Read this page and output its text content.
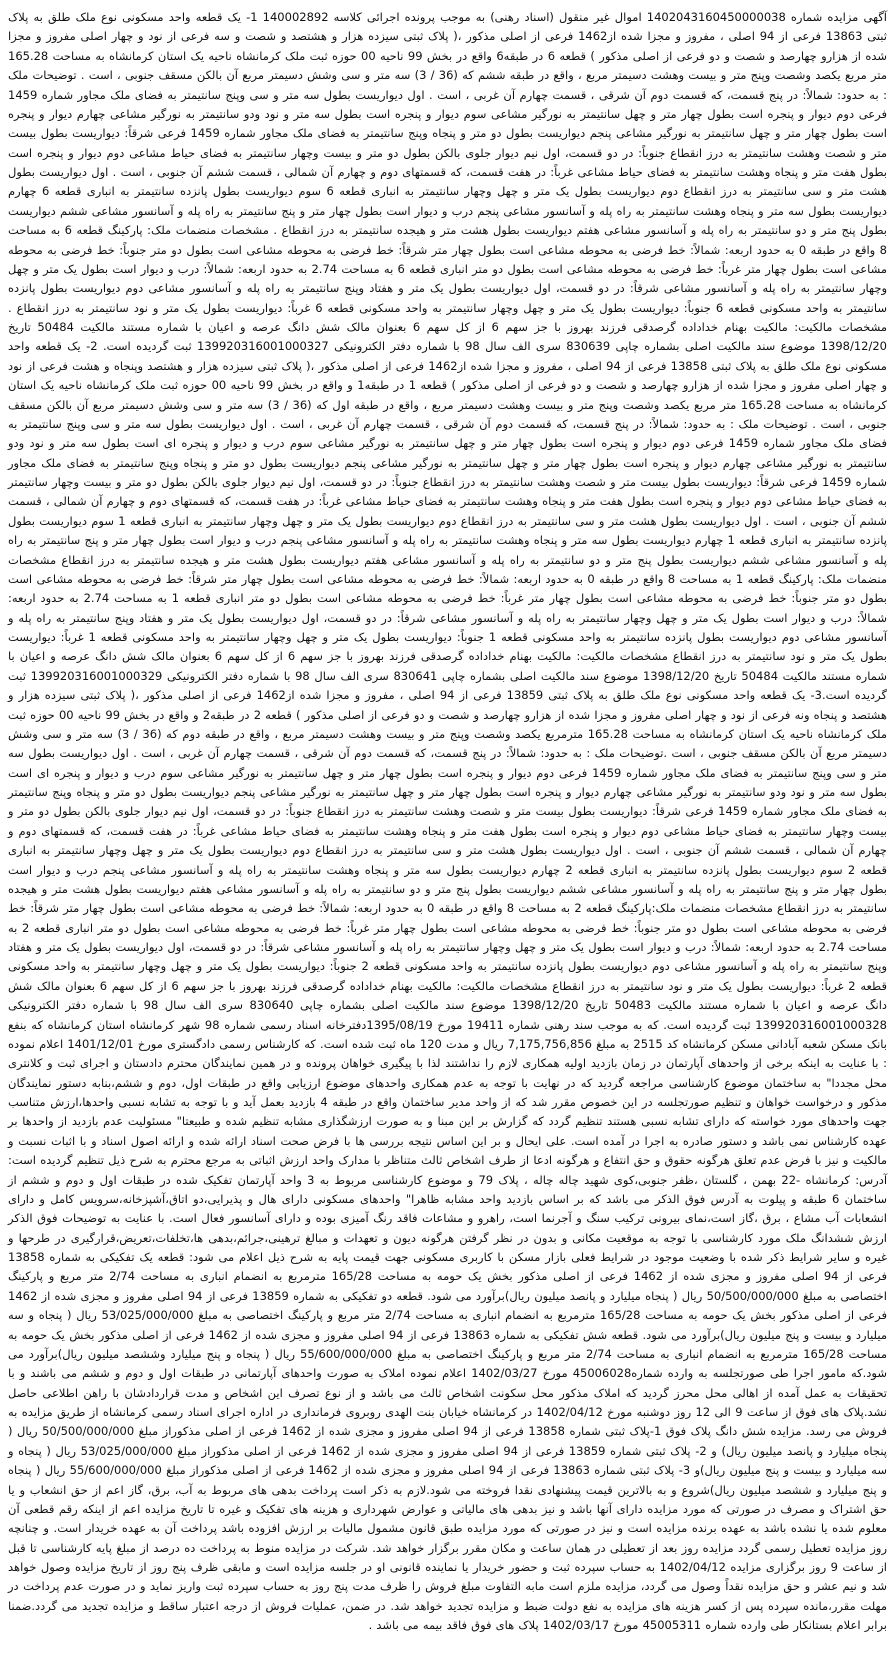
آگهی مزایده شماره 1402043160450000038 اموال غیر منقول (اسناد رهنی) به موجب پرونده اجرائی کلاسه 140002892 1- یک قطعه واحد مسکونی نوع ملک طلق به پلاک ثبتی 13863 فرعی از 94 اصلی ، مفروز و مجزا شده از1462 فرعی از اصلی مذکور ،( پلاک ثبتی سیزده هزار و هشتصد و شصت و سه فرعی از نود و چهار اصلی مفروز و مجزا شده از هزارو چهارصد و شصت و دو فرعی از اصلی مذکور ) قطعه 6 در طبقه6 واقع در بخش 99 ناحیه 00 حوزه ثبت ملک کرمانشاه ناحیه یک استان کرمانشاه به مساحت 165.28 متر مربع یکصد وشصت وپنج متر و بیست وهشت دسیمتر مربع ، واقع در طبقه ششم که (36 / 3) سه متر و سی وشش دسیمتر مربع آن بالکن مسقف جنوبی ، است . توضیحات ملک : به حدود: شمالاً: در پنج قسمت، که قسمت دوم آن شرقی ، قسمت چهارم آن غربی ، است . اول دیواریست بطول سه متر و سی وپنج سانتیمتر به فضای ملک مجاور شماره 1459 فرعی دوم دیوار و پنجره است بطول چهار متر و چهل سانتیمتر به نورگیر مشاعی سوم دیوار و پنجره است بطول سه متر و نود ودو سانتیمتر به نورگیر مشاعی چهارم دیوار و پنجره است بطول چهار متر و چهل سانتیمتر به نورگیر مشاعی پنجم دیواریست بطول دو متر و پنجاه وپنج سانتیمتر به فضای ملک مجاور شماره 1459 فرعی شرقاً: دیواریست بطول بیست متر و شصت وهشت سانتیمتر به درز انقطاع جنوباً: در دو قسمت، اول نیم دیوار جلوی بالکن بطول دو متر و بیست وچهار سانتیمتر به فضای حیاط مشاعی دوم دیوار و پنجره است بطول هفت متر و پنجاه وهشت سانتیمتر به فضای حیاط مشاعی غرباً: در هفت قسمت، که قسمتهای دوم و چهارم آن شمالی ، قسمت ششم آن جنوبی ، است . اول دیواریست بطول هشت متر و سی سانتیمتر به درز انقطاع دوم دیواریست بطول یک متر و چهل وچهار سانتیمتر به انباری قطعه 6 سوم دیواریست بطول پانزده سانتیمتر به انباری قطعه 6 چهارم دیواریست بطول سه متر و پنجاه وهشت سانتیمتر به راه پله و آسانسور مشاعی پنجم درب و دیوار است بطول چهار متر و پنج سانتیمتر به راه پله و آسانسور مشاعی ششم دیواریست بطول پنج متر و دو سانتیمتر به راه پله و آسانسور مشاعی هفتم دیواریست بطول هشت متر و هیجده سانتیمتر به درز انقطاع . مشخصات منضمات ملک: پارکینگ قطعه 6 به مساحت 8 واقع در طبقه 0 به حدود اربعه: شمالاً: خط فرضی به محوطه مشاعی است بطول چهار متر شرقاً: خط فرضی به محوطه مشاعی است بطول دو متر جنوباً: خط فرضی به محوطه مشاعی است بطول چهار متر غرباً: خط فرضی به محوطه مشاعی است بطول دو متر انباری قطعه 6 به مساحت 2.74 به حدود اربعه: شمالاً: درب و دیوار است بطول یک متر و چهل وچهار سانتیمتر به راه پله و آسانسور مشاعی شرقاً: در دو قسمت، اول دیواریست بطول یک متر و هفتاد وپنج سانتیمتر به راه پله و آسانسور مشاعی دوم دیواریست بطول پانزده سانتیمتر به واحد مسکونی قطعه 6 جنوباً: دیواریست بطول یک متر و چهل وچهار سانتیمتر به واحد مسکونی قطعه 6 غرباً: دیواریست بطول یک متر و نود سانتیمتر به درز انقطاع . مشخصات مالکیت: مالکیت بهنام خداداده گرصدقی فرزند بهروز با جز سهم 6 از کل سهم 6 بعنوان مالک شش دانگ عرصه و اعیان با شماره مستند مالکیت 50484 تاریخ 1398/12/20 موضوع سند مالکیت اصلی بشماره چاپی 830639 سری الف سال 98 با شماره دفتر الکترونیکی 139920316001000327 ثبت گردیده است. 2- یک قطعه واحد مسکونی نوع ملک طلق به پلاک ثبتی 13858 فرعی از 94 اصلی ، مفروز و مجزا شده از1462 فرعی از اصلی مذکور ،( پلاک ثبتی سیزده هزار و هشتصد وپنجاه و هشت فرعی از نود و چهار اصلی مفروز و مجزا شده از هزارو چهارصد و شصت و دو فرعی از اصلی مذکور ) قطعه 1 در طبقه1 و واقع در بخش 99 ناحیه 00 حوزه ثبت ملک کرمانشاه ناحیه یک استان کرمانشاه به مساحت 165.28 متر مربع یکصد وشصت وپنج متر و بیست وهشت دسیمتر مربع ، واقع در طبقه اول که (36 / 3) سه متر و سی وشش دسیمتر مربع آن بالکن مسقف جنوبی ، است . توضیحات ملک : به حدود: شمالاً: در پنج قسمت، که قسمت دوم آن شرقی ، قسمت چهارم آن غربی ، است . اول دیواریست بطول سه متر و سی وپنج سانتیمتر به فضای ملک مجاور شماره 1459 فرعی دوم دیوار و پنجره است بطول چهار متر و چهل سانتیمتر به نورگیر مشاعی سوم درب و دیوار و پنجره ای است بطول سه متر و نود ودو سانتیمتر به نورگیر مشاعی چهارم دیوار و پنجره است بطول چهار متر و چهل سانتیمتر به نورگیر مشاعی پنجم دیواریست بطول دو متر و پنجاه وپنج سانتیمتر به فضای ملک مجاور شماره 1459 فرعی شرقاً: دیواریست بطول بیست متر و شصت وهشت سانتیمتر به درز انقطاع جنوباً: در دو قسمت، اول نیم دیوار جلوی بالکن بطول دو متر و بیست وچهار سانتیمتر به فضای حیاط مشاعی دوم دیوار و پنجره است بطول هفت متر و پنجاه وهشت سانتیمتر به فضای حیاط مشاعی غرباً: در هفت قسمت، که قسمتهای دوم و چهارم آن شمالی ، قسمت ششم آن جنوبی ، است . اول دیواریست بطول هشت متر و سی سانتیمتر به درز انقطاع دوم دیواریست بطول یک متر و چهل وچهار سانتیمتر به انباری قطعه 1 سوم دیواریست بطول پانزده سانتیمتر به انباری قطعه 1 چهارم دیواریست بطول سه متر و پنجاه وهشت سانتیمتر به راه پله و آسانسور مشاعی پنجم درب و دیوار است بطول چهار متر و پنج سانتیمتر به راه پله و آسانسور مشاعی ششم دیواریست بطول پنج متر و دو سانتیمتر به راه پله و آسانسور مشاعی هفتم دیواریست بطول هشت متر و هیجده سانتیمتر به درز انقطاع مشخصات منضمات ملک: پارکینگ قطعه 1 به مساحت 8 واقع در طبقه 0 به حدود اربعه: شمالاً: خط فرضی به محوطه مشاعی است بطول چهار متر شرقاً: خط فرضی به محوطه مشاعی است بطول دو متر جنوباً: خط فرضی به محوطه مشاعی است بطول چهار متر غرباً: خط فرضی به محوطه مشاعی است بطول دو متر انباری قطعه 1 به مساحت 2.74 به حدود اربعه: شمالاً: درب و دیوار است بطول یک متر و چهل وچهار سانتیمتر به راه پله و آسانسور مشاعی شرقاً: در دو قسمت، اول دیواریست بطول یک متر و هفتاد وپنج سانتیمتر به راه پله و آسانسور مشاعی دوم دیواریست بطول پانزده سانتیمتر به واحد مسکونی قطعه 1 جنوباً: دیواریست بطول یک متر و چهل وچهار سانتیمتر به واحد مسکونی قطعه 1 غرباً: دیواریست بطول یک متر و نود سانتیمتر به درز انقطاع مشخصات مالکیت: مالکیت بهنام خداداده گرصدقی فرزند بهروز با جز سهم 6 از کل سهم 6 بعنوان مالک شش دانگ عرصه و اعیان با شماره مستند مالکیت 50484 تاریخ 1398/12/20 موضوع سند مالکیت اصلی بشماره چاپی 830641 سری الف سال 98 با شماره دفتر الکترونیکی 139920316001000329 ثبت گردیده است.3- یک قطعه واحد مسکونی نوع ملک طلق به پلاک ثبتی 13859 فرعی از 94 اصلی ، مفروز و مجزا شده از1462 فرعی از اصلی مذکور ،( پلاک ثبتی سیزده هزار و هشتصد و پنجاه ونه فرعی از نود و چهار اصلی مفروز و مجزا شده از هزارو چهارصد و شصت و دو فرعی از اصلی مذکور ) قطعه 2 در طبقه2 و واقع در بخش 99 ناحیه 00 حوزه ثبت ملک کرمانشاه ناحیه یک استان کرمانشاه به مساحت 165.28 مترمربع یکصد وشصت وپنج متر و بیست وهشت دسیمتر مربع ، واقع در طبقه دوم که (36 / 3) سه متر و سی وشش دسیمتر مربع آن بالکن مسقف جنوبی ، است .توضیحات ملک : به حدود: شمالاً: در پنج قسمت، که قسمت دوم آن شرقی ، قسمت چهارم آن غربی ، است . اول دیواریست بطول سه متر و سی وپنج سانتیمتر به فضای ملک مجاور شماره 1459 فرعی دوم دیوار و پنجره است بطول چهار متر و چهل سانتیمتر به نورگیر مشاعی سوم درب و دیوار و پنجره ای است بطول سه متر و نود ودو سانتیمتر به نورگیر مشاعی چهارم دیوار و پنجره است بطول چهار متر و چهل سانتیمتر به نورگیر مشاعی پنجم دیواریست بطول دو متر و پنجاه وپنج سانتیمتر به فضای ملک مجاور شماره 1459 فرعی شرقاً: دیواریست بطول بیست متر و شصت وهشت سانتیمتر به درز انقطاع جنوباً: در دو قسمت، اول نیم دیوار جلوی بالکن بطول دو متر و بیست وچهار سانتیمتر به فضای حیاط مشاعی دوم دیوار و پنجره است بطول هفت متر و پنجاه وهشت سانتیمتر به فضای حیاط مشاعی غرباً: در هفت قسمت، که قسمتهای دوم و چهارم آن شمالی ، قسمت ششم آن جنوبی ، است . اول دیواریست بطول هشت متر و سی سانتیمتر به درز انقطاع دوم دیواریست بطول یک متر و چهل وچهار سانتیمتر به انباری قطعه 2 سوم دیواریست بطول پانزده سانتیمتر به انباری قطعه 2 چهارم دیواریست بطول سه متر و پنجاه وهشت سانتیمتر به راه پله و آسانسور مشاعی پنجم درب و دیوار است بطول چهار متر و پنج سانتیمتر به راه پله و آسانسور مشاعی ششم دیواریست بطول پنج متر و دو سانتیمتر به راه پله و آسانسور مشاعی هفتم دیواریست بطول هشت متر و هیجده سانتیمتر به درز انقطاع مشخصات منضمات ملک:پارکینگ قطعه 2 به مساحت 8 واقع در طبقه 0 به حدود اربعه: شمالاً: خط فرضی به محوطه مشاعی است بطول چهار متر شرقاً: خط فرضی به محوطه مشاعی است بطول دو متر جنوباً: خط فرضی به محوطه مشاعی است بطول چهار متر غرباً: خط فرضی به محوطه مشاعی است بطول دو متر انباری قطعه 2 به مساحت 2.74 به حدود اربعه: شمالاً: درب و دیوار است بطول یک متر و چهل وچهار سانتیمتر به راه پله و آسانسور مشاعی شرقاً: در دو قسمت، اول دیواریست بطول یک متر و هفتاد وپنج سانتیمتر به راه پله و آسانسور مشاعی دوم دیواریست بطول پانزده سانتیمتر به واحد مسکونی قطعه 2 جنوباً: دیواریست بطول یک متر و چهل وچهار سانتیمتر به واحد مسکونی قطعه 2 غرباً: دیواریست بطول یک متر و نود سانتیمتر به درز انقطاع مشخصات مالکیت: مالکیت بهنام خداداده گرصدقی فرزند بهروز با جز سهم 6 از کل سهم 6 بعنوان مالک شش دانگ عرصه و اعیان با شماره مستند مالکیت 50483 تاریخ 1398/12/20 موضوع سند مالکیت اصلی بشماره چاپی 830640 سری الف سال 98 با شماره دفتر الکترونیکی 139920316001000328 ثبت گردیده است. که به موجب سند رهنی شماره 19411 مورخ 1395/08/19دفترخانه اسناد رسمی شماره 98 شهر کرمانشاه استان کرمانشاه که بنفع بانک مسکن شعبه آبادانی مسکن کرمانشاه کد 2515 به مبلغ 7,175,756,856 ریال و مدت 120 ماه ثبت شده است. که کارشناس رسمی دادگستری مورخ 1401/12/01 اعلام نموده : با عنایت به اینکه برخی از واحدهای آپارتمان در زمان بازدید اولیه همکاری لازم را نداشتند لذا با پیگیری خواهان پرونده و در همین نمایندگان محترم دادستان و اجرای ثبت و کلانتری محل مجددا" به ساختمان موضوع کارشناسی مراجعه گردید که در نهایت با توجه به عدم همکاری واحدهای موضوع ارزیابی واقع در طبقات اول، دوم و ششم،بنابه دستور نمایندگان مذکور و درخواست خواهان و تنظیم صورتجلسه در این خصوص مقرر شد که از واحد مدیر ساختمان واقع در طبقه 4 بازدید بعمل آید و با توجه به تشابه نسبی واحدها،ارزش متناسب جهت واحدهای مورد خواسته که دارای تشابه نسبی هستند تنظیم گردد که گزارش بر این مبنا و به صورت ارزشگذاری مشابه تنظیم شده و طبیعتا" مسئولیت عدم بازدید از واحدها بر عهده کارشناس نمی باشد و دستور صادره به اجرا در آمده است. علی ایحال و بر این اساس نتیجه بررسی ها با فرض صحت اسناد ارائه شده و ارائه اصول اسناد و با اثبات نسبت و مالکیت و نیز با فرض عدم تعلق هرگونه حقوق و حق انتفاع و هرگونه ادعا از طرف اشخاص ثالث متناظر با مدارک واحد ارزش اثباتی به مرجع محترم به شرح ذیل تنظیم گردیده است: آدرس: کرمانشاه -22 بهمن ، گلستان ،ظفر جنوبی،کوی شهید چاله چاله ، پلاک 79 و موضوع کارشناسی مربوط به 3 واحد آپارتمان تفکیک شده در طبقات اول و دوم و ششم از ساختمان 6 طبقه و پیلوت به آدرس فوق الذکر می باشد که بر اساس بازدید واحد مشابه ظاهرا" واحدهای مسکونی دارای هال و پذیرایی،دو اتاق،آشپزخانه،سرویس کامل و دارای انشعابات آب مشاع ، برق ،گاز است،نمای بیرونی ترکیب سنگ و آجرنما است، راهرو و مشاعات فاقد رنگ آمیزی بوده و دارای آسانسور فعال است. با عنایت به توضیحات فوق الذکر ارزش ششدانگ ملک مورد کارشناسی با توجه به موقعیت مکانی و بدون در نظر گرفتن هرگونه دیون و تعهدات و مبالغ ترهینی،جرائم،بدهی ها،تخلفات،تعریض،قرارگیری در طرحها و غیره و سایر شرایط ذکر شده با وضعیت موجود در شرایط فعلی بازار مسکن با کاربری مسکونی جهت قیمت پایه به شرح ذیل اعلام می شود: قطعه یک تفکیکی به شماره 13858 فرعی از 94 اصلی مفروز و مجزی شده از 1462 فرعی از اصلی مذکور بخش یک حومه به مساحت 165/28 مترمربع به انضمام انباری به مساحت 2/74 متر مربع و پارکینگ اختصاصی به مبلغ 50/500/000/000 ریال ( پنجاه میلیارد و پانصد میلیون ریال)برآورد می شود. قطعه دو تفکیکی به شماره 13859 فرعی از 94 اصلی مفروز و مجزی شده از 1462 فرعی از اصلی مذکور بخش یک حومه به مساحت 165/28 مترمربع به انضمام انباری به مساحت 2/74 متر مربع و پارکینگ اختصاصی به مبلغ 53/025/000/000 ریال ( پنجاه و سه میلیارد و بیست و پنج میلیون ریال)برآورد می شود. قطعه شش تفکیکی به شماره 13863 فرعی از 94 اصلی مفروز و مجزی شده از 1462 فرعی از اصلی مذکور بخش یک حومه به مساحت 165/28 مترمربع به انضمام انباری به مساحت 2/74 متر مربع و پارکینگ اختصاصی به مبلغ 55/600/000/000 ریال ( پنجاه و پنج میلیارد وششصد میلیون ریال)برآورد می شود.که مامور اجرا طی صورتجلسه به وارده شماره45006028 مورخ 1402/03/27 اعلام نموده املاک به صورت واحدهای آپارتمانی در طبقات اول و دوم و ششم می باشند و با تحقیقات به عمل آمده از اهالی محل محرز گردید که املاک مذکور محل سکونت اشخاص ثالث می باشد و از نوع تصرف این اشخاص و مدت قراردادشان با راهن اطلاعی حاصل نشد.پلاک های فوق از ساعت 9 الی 12 روز دوشنبه مورخ 1402/04/12 در کرمانشاه خیابان بنت الهدی روبروی فرمانداری در اداره اجرای اسناد رسمی کرمانشاه از طریق مزایده به فروش می رسد. مزایده شش دانگ پلاک فوق 1-پلاک ثبتی شماره 13858 فرعی از 94 اصلی مفروز و مجزی شده از 1462 فرعی از اصلی مذکوراز مبلغ 50/500/000/000 ریال ( پنجاه میلیارد و پانصد میلیون ریال) و 2- پلاک ثبتی شماره 13859 فرعی از 94 اصلی مفروز و مجزی شده از 1462 فرعی از اصلی مذکوراز مبلغ 53/025/000/000 ریال ( پنجاه و سه میلیارد و بیست و پنج میلیون ریال)و 3- پلاک ثبتی شماره 13863 فرعی از 94 اصلی مفروز و مجزی شده از 1462 فرعی از اصلی مذکوراز مبلغ 55/600/000/000 ریال ( پنجاه و پنج میلیارد و ششصد میلیون ریال)شروع و به بالاترین قیمت پیشنهادی نقدا فروخته می شود.لازم به ذکر است پرداخت بدهی های مربوط به آب، برق، گاز اعم از حق انشعاب و یا حق اشتراک و مصرف در صورتی که مورد مزایده دارای آنها باشد و نیز بدهی های مالیاتی و عوارض شهرداری و هزینه های تفکیک و غیره تا تاریخ مزایده اعم از اینکه رقم قطعی آن معلوم شده یا نشده باشد به عهده برنده مزایده است و نیز در صورتی که مورد مزایده طبق قانون مشمول مالیات بر ارزش افزوده باشد پرداخت آن به عهده خریدار است. و چنانچه روز مزایده تعطیل رسمی گردد مزایده روز بعد از تعطیلی در همان ساعت و مکان مقرر برگزار خواهد شد. شرکت در مزایده منوط به پرداخت ده درصد از مبلغ پایه کارشناسی تا قبل از ساعت 9 روز برگزاری مزایده 1402/04/12 به حساب سپرده ثبت و حضور خریدار یا نماینده قانونی او در جلسه مزایده است و مابقی ظرف پنج روز از تاریخ مزایده وصول خواهد شد و نیم عشر و حق مزایده نقداً وصول می گردد، مزایده ملزم است مابه التفاوت مبلغ فروش را ظرف مدت پنج روز به حساب سپرده ثبت واریز نماید و در صورت عدم پرداخت در مهلت مقرر،مانده سپرده پس از کسر هزینه های مزایده به نفع دولت ضبط و مزایده تجدید خواهد شد. در ضمن، عملیات فروش از درجه اعتبار ساقط و مزایده تجدید می گردد.ضمنا برابر اعلام بستانکار طی وارده شماره 45005311 مورخ 1402/03/17 پلاک های فوق فاقد بیمه می باشد .
